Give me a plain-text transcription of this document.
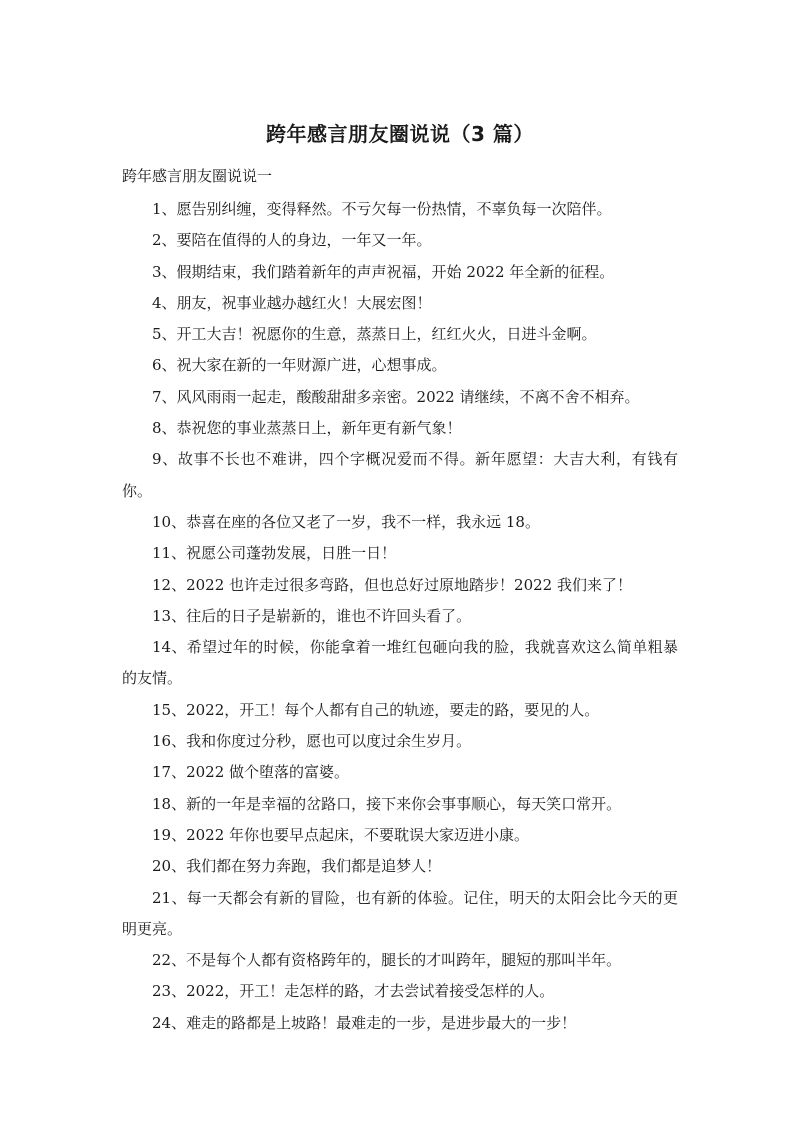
跨年感言朋友圈说说（3 篇）

跨年感言朋友圈说说一

1、愿告别纠缠，变得释然。不亏欠每一份热情，不辜负每一次陪伴。
2、要陪在值得的人的身边，一年又一年。
3、假期结束，我们踏着新年的声声祝福，开始 2022 年全新的征程。
4、朋友，祝事业越办越红火！大展宏图！
5、开工大吉！祝愿你的生意，蒸蒸日上，红红火火，日进斗金啊。
6、祝大家在新的一年财源广进，心想事成。
7、风风雨雨一起走，酸酸甜甜多亲密。2022 请继续，不离不舍不相弃。
8、恭祝您的事业蒸蒸日上，新年更有新气象！
9、故事不长也不难讲，四个字概况爱而不得。新年愿望：大吉大利，有钱有你。
10、恭喜在座的各位又老了一岁，我不一样，我永远 18。
11、祝愿公司蓬勃发展，日胜一日！
12、2022 也许走过很多弯路，但也总好过原地踏步！2022 我们来了！
13、往后的日子是崭新的，谁也不许回头看了。
14、希望过年的时候，你能拿着一堆红包砸向我的脸，我就喜欢这么简单粗暴的友情。
15、2022，开工！每个人都有自己的轨迹，要走的路，要见的人。
16、我和你度过分秒，愿也可以度过余生岁月。
17、2022 做个堕落的富婆。
18、新的一年是幸福的岔路口，接下来你会事事顺心，每天笑口常开。
19、2022 年你也要早点起床，不要耽误大家迈进小康。
20、我们都在努力奔跑，我们都是追梦人！
21、每一天都会有新的冒险，也有新的体验。记住，明天的太阳会比今天的更明更亮。
22、不是每个人都有资格跨年的，腿长的才叫跨年，腿短的那叫半年。
23、2022，开工！走怎样的路，才去尝试着接受怎样的人。
24、难走的路都是上坡路！最难走的一步，是进步最大的一步！
